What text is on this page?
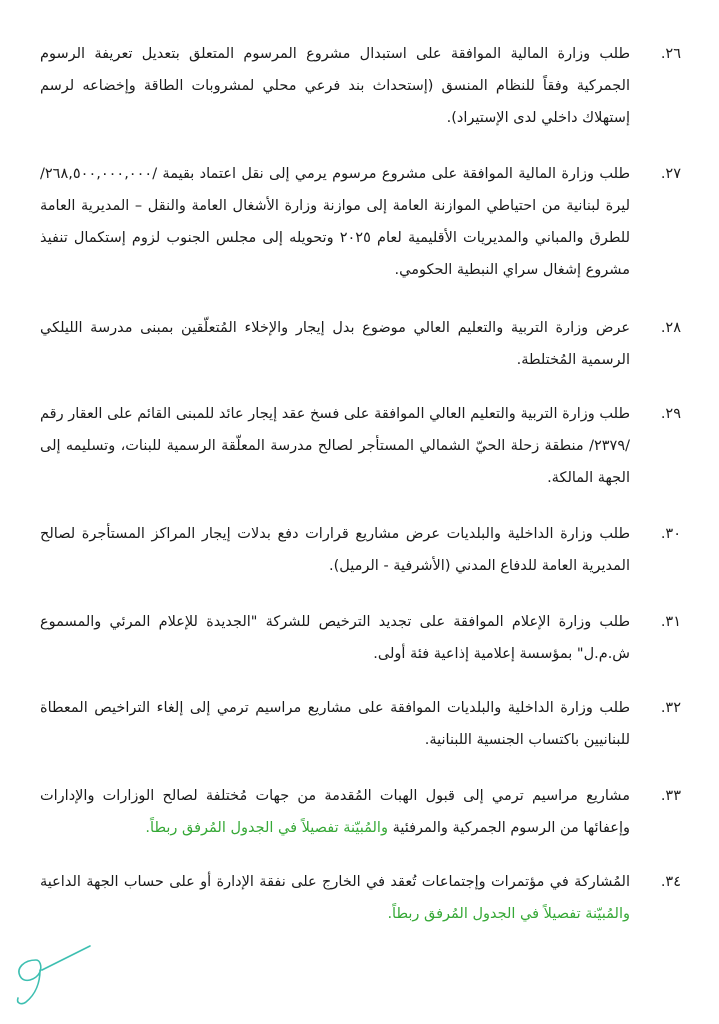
٢٦.
طلب وزارة المالية الموافقة على استبدال مشروع المرسوم المتعلق بتعديل تعريفة الرسوم الجمركية وفقاً للنظام المنسق (إستحداث بند فرعي محلي لمشروبات الطاقة وإخضاعه لرسم إستهلاك داخلي لدى الإستيراد).
٢٧.
طلب وزارة المالية الموافقة على مشروع مرسوم يرمي إلى نقل اعتماد بقيمة /٢٦٨,٥٠٠,٠٠٠,٠٠٠/ ليرة لبنانية من احتياطي الموازنة العامة إلى موازنة وزارة الأشغال العامة والنقل – المديرية العامة للطرق والمباني والمديريات الأقليمية لعام ٢٠٢٥ وتحويله إلى مجلس الجنوب لزوم إستكمال تنفيذ مشروع إشغال سراي النبطية الحكومي.
٢٨.
عرض وزارة التربية والتعليم العالي موضوع بدل إيجار والإخلاء المُتعلّقين بمبنى مدرسة الليلكي الرسمية المُختلطة.
٢٩.
طلب وزارة التربية والتعليم العالي الموافقة على فسخ عقد إيجار عائد للمبنى القائم على العقار رقم /٢٣٧٩/ منطقة زحلة الحيّ الشمالي المستأجر لصالح مدرسة المعلّقة الرسمية للبنات، وتسليمه إلى الجهة المالكة.
٣٠.
طلب وزارة الداخلية والبلديات عرض مشاريع قرارات دفع بدلات إيجار المراكز المستأجرة لصالح المديرية العامة للدفاع المدني (الأشرفية - الرميل).
٣١.
طلب وزارة الإعلام الموافقة على تجديد الترخيص للشركة "الجديدة للإعلام المرئي والمسموع ش.م.ل" بمؤسسة إعلامية إذاعية فئة أولى.
٣٢.
طلب وزارة الداخلية والبلديات الموافقة على مشاريع مراسيم ترمي إلى إلغاء التراخيص المعطاة للبنانيين باكتساب الجنسية اللبنانية.
٣٣.
مشاريع مراسيم ترمي إلى قبول الهبات المُقدمة من جهات مُختلفة لصالح الوزارات والإدارات وإعفائها من الرسوم الجمركية والمرفئية والمُبيّنة تفصيلاً في الجدول المُرفق ربطاً.
٣٤.
المُشاركة في مؤتمرات وإجتماعات تُعقد في الخارج على نفقة الإدارة أو على حساب الجهة الداعية والمُبيّنة تفصيلاً في الجدول المُرفق ربطاً.
